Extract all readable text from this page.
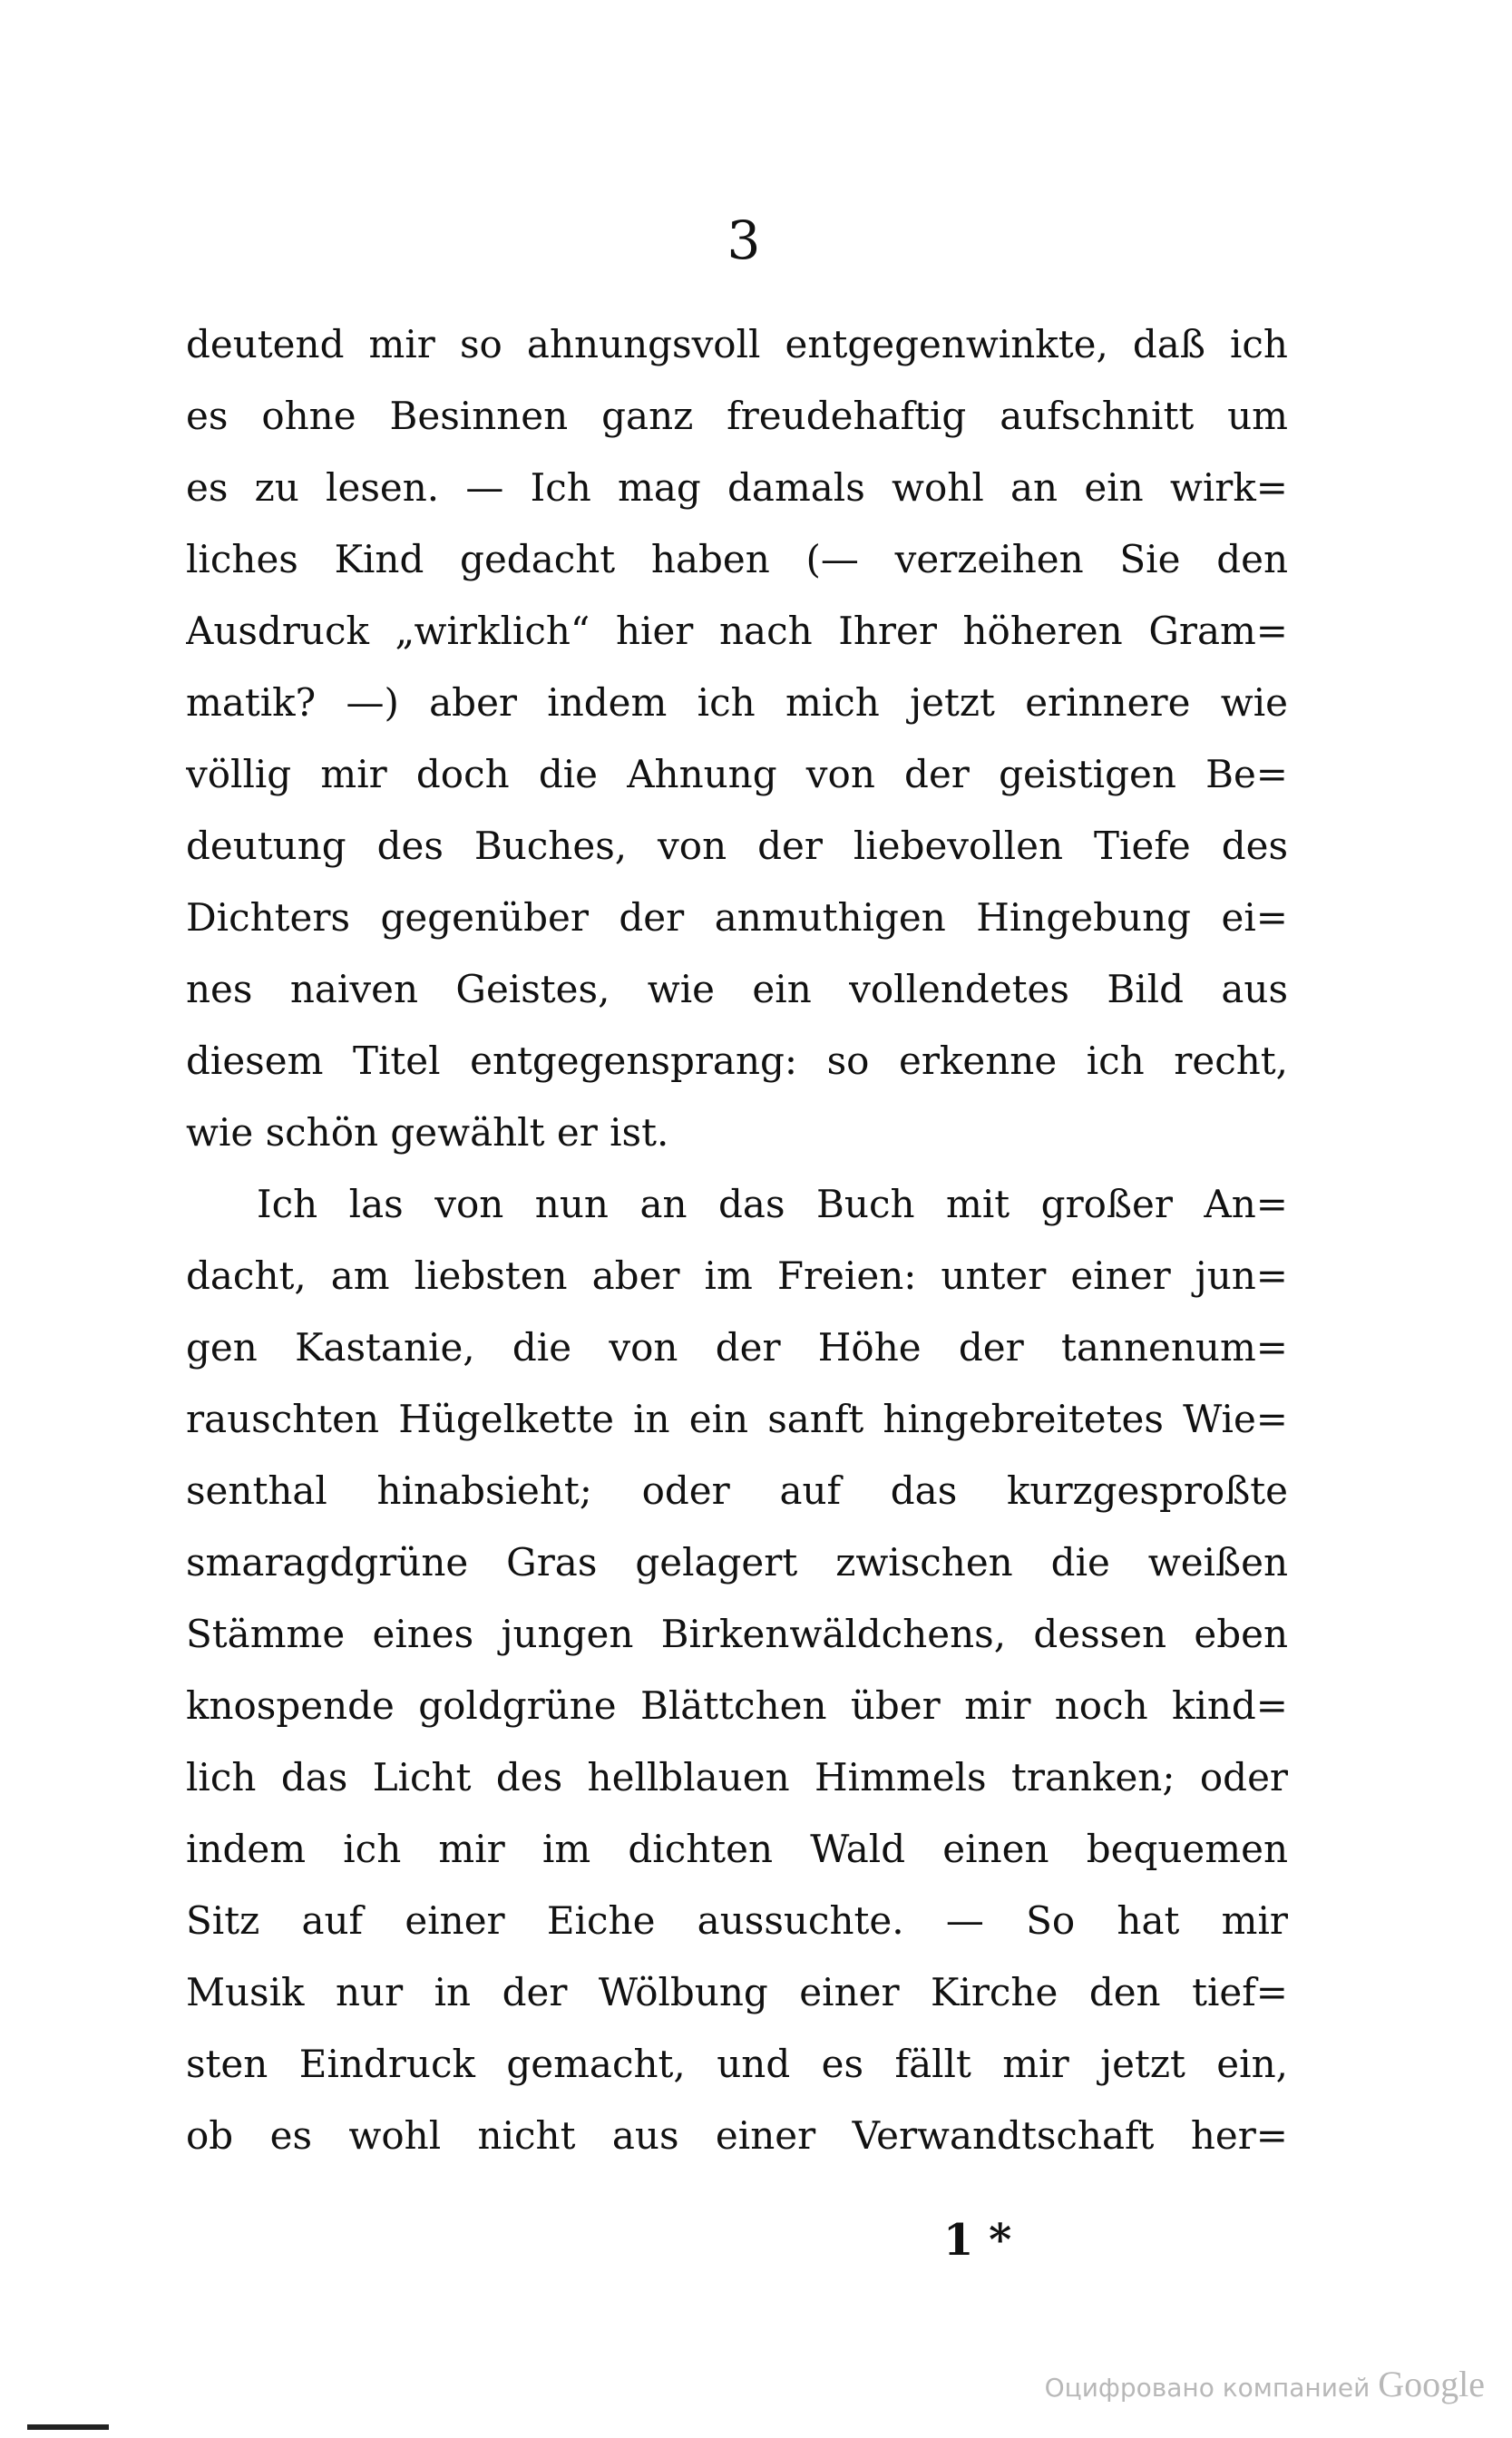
3
deutend mir so ahnungsvoll entgegenwinkte, daß ich
es ohne Besinnen ganz freudehaftig aufschnitt um
es zu lesen. — Ich mag damals wohl an ein wirk=
liches Kind gedacht haben (— verzeihen Sie den
Ausdruck „wirklich“ hier nach Ihrer höheren Gram=
matik? —) aber indem ich mich jetzt erinnere wie
völlig mir doch die Ahnung von der geistigen Be=
deutung des Buches, von der liebevollen Tiefe des
Dichters gegenüber der anmuthigen Hingebung ei=
nes naiven Geistes, wie ein vollendetes Bild aus
diesem Titel entgegensprang: so erkenne ich recht,
wie schön gewählt er ist.
Ich las von nun an das Buch mit großer An=
dacht, am liebsten aber im Freien: unter einer jun=
gen Kastanie, die von der Höhe der tannenum=
rauschten Hügelkette in ein sanft hingebreitetes Wie=
senthal hinabsieht; oder auf das kurzgesproßte
smaragdgrüne Gras gelagert zwischen die weißen
Stämme eines jungen Birkenwäldchens, dessen eben
knospende goldgrüne Blättchen über mir noch kind=
lich das Licht des hellblauen Himmels tranken; oder
indem ich mir im dichten Wald einen bequemen
Sitz auf einer Eiche aussuchte. — So hat mir
Musik nur in der Wölbung einer Kirche den tief=
sten Eindruck gemacht, und es fällt mir jetzt ein,
ob es wohl nicht aus einer Verwandtschaft her=
1 *
Оцифровано компанией Google
